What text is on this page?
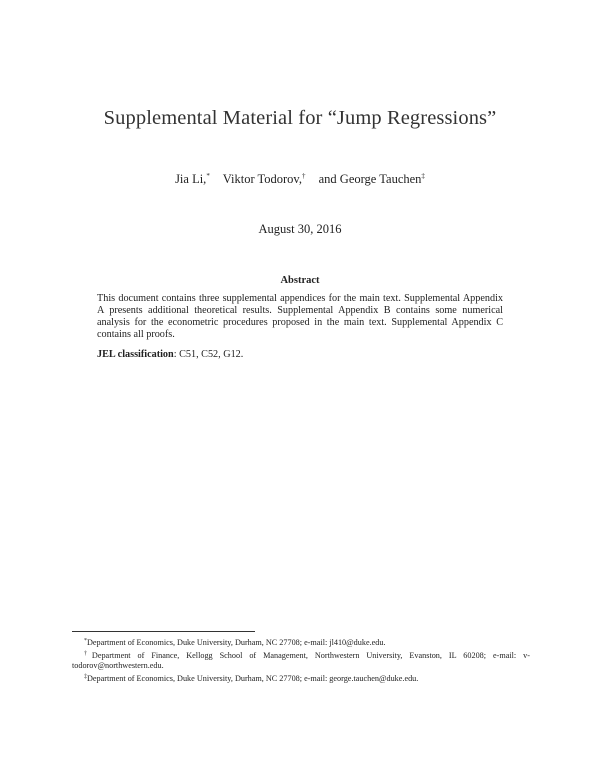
Supplemental Material for “Jump Regressions”
Jia Li,* Viktor Todorov,† and George Tauchen‡
August 30, 2016
Abstract
This document contains three supplemental appendices for the main text. Supplemental Appendix A presents additional theoretical results. Supplemental Appendix B contains some numerical analysis for the econometric procedures proposed in the main text. Supplemental Appendix C contains all proofs.
JEL classification: C51, C52, G12.
*Department of Economics, Duke University, Durham, NC 27708; e-mail: jl410@duke.edu.
†Department of Finance, Kellogg School of Management, Northwestern University, Evanston, IL 60208; e-mail: v-todorov@northwestern.edu.
‡Department of Economics, Duke University, Durham, NC 27708; e-mail: george.tauchen@duke.edu.
